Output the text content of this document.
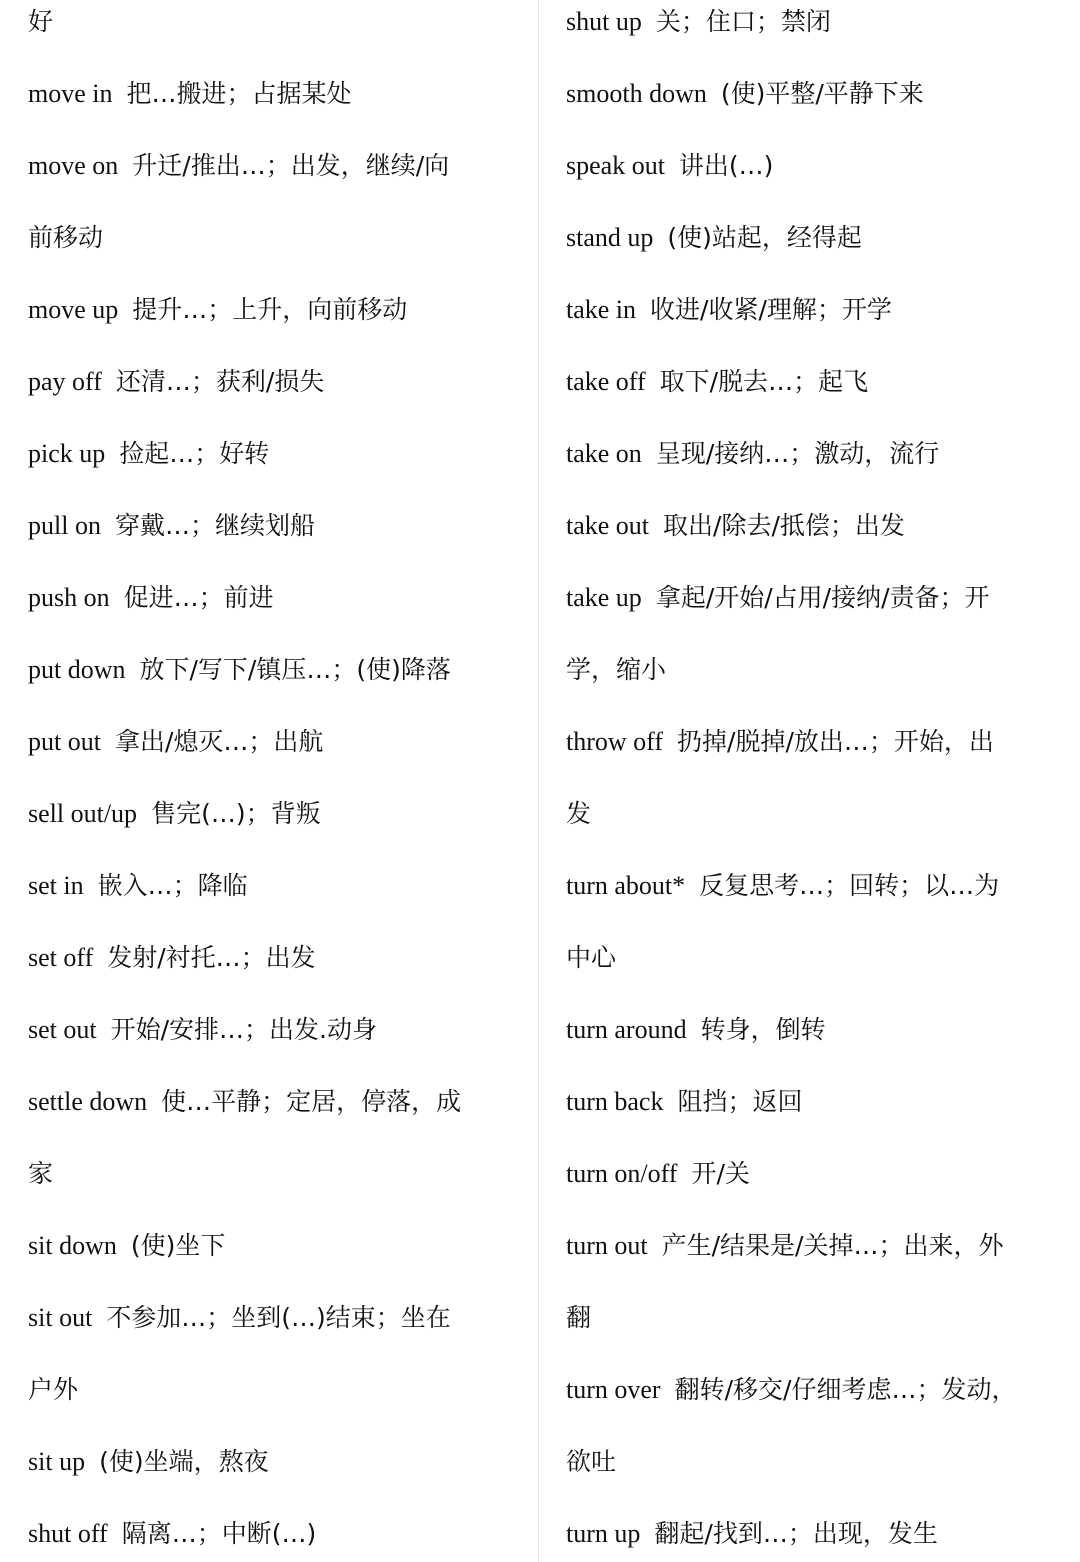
好
move in 把…搬进；占据某处
move on 升迁/推出…；出发，继续/向
前移动
move up 提升…；上升，向前移动
pay off 还清…；获利/损失
pick up 捡起…；好转
pull on 穿戴…；继续划船
push on 促进…；前进
put down 放下/写下/镇压…；(使)降落
put out 拿出/熄灭…；出航
sell out/up 售完(…)；背叛
set in 嵌入…；降临
set off 发射/衬托…；出发
set out 开始/安排…；出发.动身
settle down 使…平静；定居，停落，成
家
sit down (使)坐下
sit out 不参加…；坐到(…)结束；坐在
户外
sit up (使)坐端，熬夜
shut off 隔离…；中断(…)
shut up 关；住口；禁闭
smooth down (使)平整/平静下来
speak out 讲出(…)
stand up (使)站起，经得起
take in 收进/收紧/理解；开学
take off 取下/脱去…；起飞
take on 呈现/接纳…；激动，流行
take out 取出/除去/抵偿；出发
take up 拿起/开始/占用/接纳/责备；开
学，缩小
throw off 扔掉/脱掉/放出…；开始，出
发
turn about* 反复思考…；回转；以…为
中心
turn around 转身，倒转
turn back 阻挡；返回
turn on/off 开/关
turn out 产生/结果是/关掉…；出来，外
翻
turn over 翻转/移交/仔细考虑…；发动，
欲吐
turn up 翻起/找到…；出现，发生
